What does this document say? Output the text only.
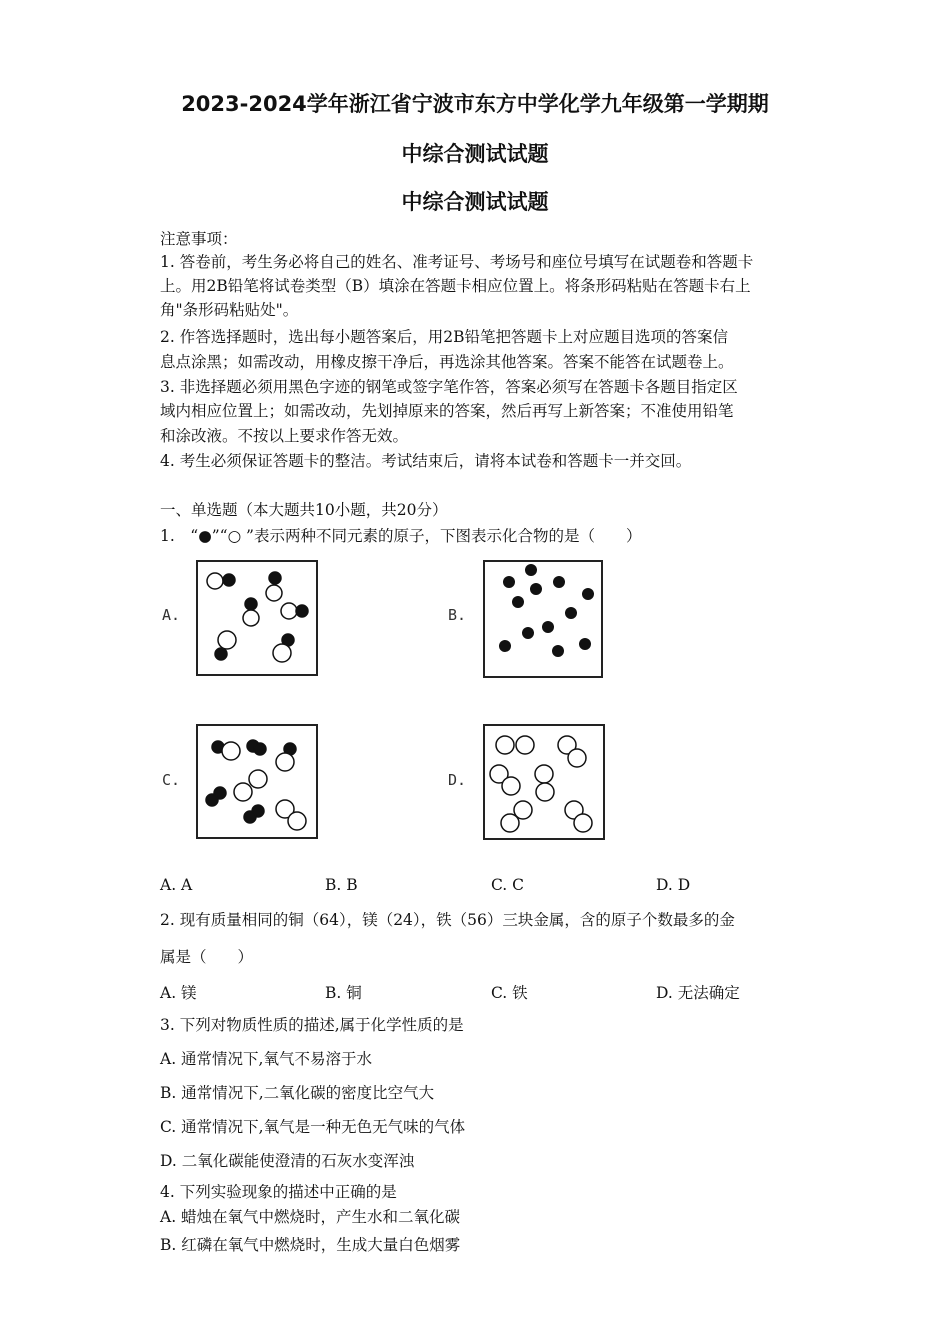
2023-2024学年浙江省宁波市东方中学化学九年级第一学期期
中综合测试试题
中综合测试试题
注意事项：
1. 答卷前，考生务必将自己的姓名、准考证号、考场号和座位号填写在试题卷和答题卡
上。用2B铅笔将试卷类型（B）填涂在答题卡相应位置上。将条形码粘贴在答题卡右上
角"条形码粘贴处"。
2. 作答选择题时，选出每小题答案后，用2B铅笔把答题卡上对应题目选项的答案信
息点涂黑；如需改动，用橡皮擦干净后，再选涂其他答案。答案不能答在试题卷上。
3. 非选择题必须用黑色字迹的钢笔或签字笔作答，答案必须写在答题卡各题目指定区
域内相应位置上；如需改动，先划掉原来的答案，然后再写上新答案；不准使用铅笔
和涂改液。不按以上要求作答无效。
4. 考生必须保证答题卡的整洁。考试结束后，请将本试卷和答题卡一并交回。
一、单选题（本大题共10小题，共20分）
1.　“●”“○ ”表示两种不同元素的原子，下图表示化合物的是（　　）
A.	B.
C.	D.
A. A	B. B	C. C	D. D
2. 现有质量相同的铜（64），镁（24），铁（56）三块金属，含的原子个数最多的金
属是（　　）
A. 镁	B. 铜	C. 铁	D. 无法确定
3. 下列对物质性质的描述,属于化学性质的是
A. 通常情况下,氧气不易溶于水
B. 通常情况下,二氧化碳的密度比空气大
C. 通常情况下,氧气是一种无色无气味的气体
D. 二氧化碳能使澄清的石灰水变浑浊
4. 下列实验现象的描述中正确的是
A. 蜡烛在氧气中燃烧时，产生水和二氧化碳
B. 红磷在氧气中燃烧时，生成大量白色烟雾
